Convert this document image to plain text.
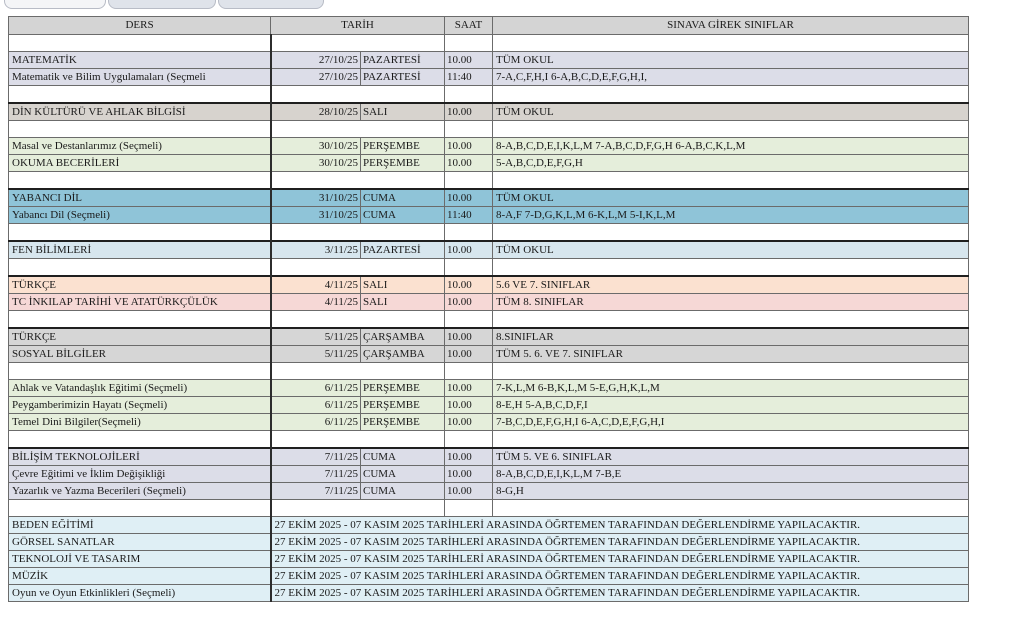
DERS	TARİH		SAAT	SINAVA GİREK SINIFLAR

MATEMATİK	27/10/25	PAZARTESİ	10.00	TÜM OKUL
Matematik ve Bilim Uygulamaları (Seçmeli	27/10/25	PAZARTESİ	11:40	7-A,C,F,H,I 6-A,B,C,D,E,F,G,H,I,

DİN KÜLTÜRÜ VE AHLAK BİLGİSİ	28/10/25	SALI	10.00	TÜM OKUL

Masal ve Destanlarımız (Seçmeli)	30/10/25	PERŞEMBE	10.00	8-A,B,C,D,E,I,K,L,M 7-A,B,C,D,F,G,H 6-A,B,C,K,L,M
OKUMA BECERİLERİ	30/10/25	PERŞEMBE	10.00	5-A,B,C,D,E,F,G,H

YABANCI DİL	31/10/25	CUMA	10.00	TÜM OKUL
Yabancı Dil (Seçmeli)	31/10/25	CUMA	11:40	8-A,F 7-D,G,K,L,M 6-K,L,M 5-I,K,L,M

FEN BİLİMLERİ	3/11/25	PAZARTESİ	10.00	TÜM OKUL

TÜRKÇE	4/11/25	SALI	10.00	5.6 VE 7. SINIFLAR
TC İNKILAP TARİHİ VE ATATÜRKÇÜLÜK	4/11/25	SALI	10.00	TÜM 8. SINIFLAR

TÜRKÇE	5/11/25	ÇARŞAMBA	10.00	8.SINIFLAR
SOSYAL BİLGİLER	5/11/25	ÇARŞAMBA	10.00	TÜM 5. 6. VE 7. SINIFLAR

Ahlak ve Vatandaşlık Eğitimi (Seçmeli)	6/11/25	PERŞEMBE	10.00	7-K,L,M 6-B,K,L,M 5-E,G,H,K,L,M
Peygamberimizin Hayatı (Seçmeli)	6/11/25	PERŞEMBE	10.00	8-E,H 5-A,B,C,D,F,I
Temel Dini Bilgiler(Seçmeli)	6/11/25	PERŞEMBE	10.00	7-B,C,D,E,F,G,H,I 6-A,C,D,E,F,G,H,I

BİLİŞİM TEKNOLOJİLERİ	7/11/25	CUMA	10.00	TÜM 5. VE 6. SINIFLAR
Çevre Eğitimi ve İklim Değişikliği	7/11/25	CUMA	10.00	8-A,B,C,D,E,I,K,L,M 7-B,E
Yazarlık ve Yazma Becerileri (Seçmeli)	7/11/25	CUMA	10.00	8-G,H

BEDEN EĞİTİMİ	27 EKİM 2025 - 07 KASIM 2025 TARİHLERİ ARASINDA ÖĞRTEMEN TARAFINDAN DEĞERLENDİRME YAPILACAKTIR.			
GÖRSEL SANATLAR	27 EKİM 2025 - 07 KASIM 2025 TARİHLERİ ARASINDA ÖĞRTEMEN TARAFINDAN DEĞERLENDİRME YAPILACAKTIR.			
TEKNOLOJİ VE TASARIM	27 EKİM 2025 - 07 KASIM 2025 TARİHLERİ ARASINDA ÖĞRTEMEN TARAFINDAN DEĞERLENDİRME YAPILACAKTIR.			
MÜZİK	27 EKİM 2025 - 07 KASIM 2025 TARİHLERİ ARASINDA ÖĞRTEMEN TARAFINDAN DEĞERLENDİRME YAPILACAKTIR.			
Oyun ve Oyun Etkinlikleri (Seçmeli)	27 EKİM 2025 - 07 KASIM 2025 TARİHLERİ ARASINDA ÖĞRTEMEN TARAFINDAN DEĞERLENDİRME YAPILACAKTIR.			
